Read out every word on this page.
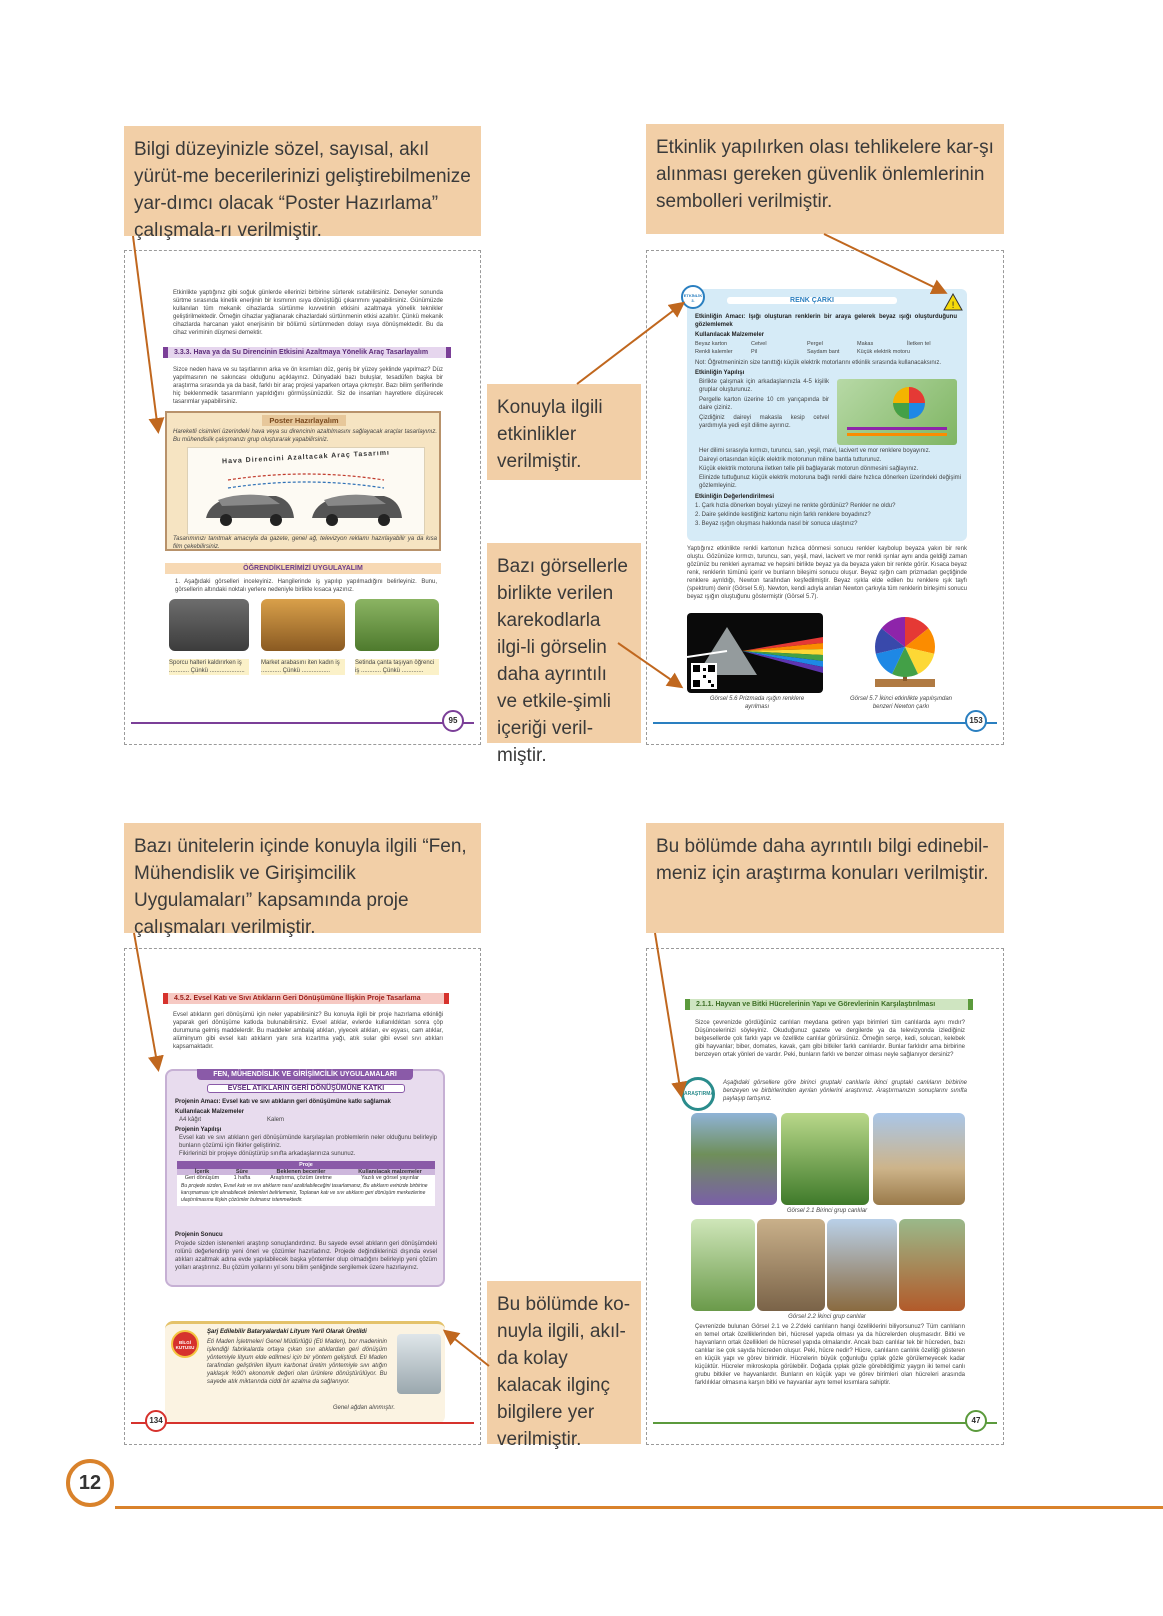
Bilgi düzeyinizle sözel, sayısal, akıl yürüt-me becerilerinizi geliştirebilmenize yar-dımcı olacak “Poster Hazırlama” çalışmala-rı verilmiştir.
Etkinlik yapılırken olası tehlikelere kar-şı alınması gereken güvenlik önlemlerinin sembolleri verilmiştir.
Konuyla ilgili etkinlikler verilmiştir.
Bazı görsellerle birlikte verilen karekodlarla ilgi-li görselin daha ayrıntılı ve etkile-şimli içeriği veril-miştir.
Bazı ünitelerin içinde konuyla ilgili “Fen, Mühendislik ve Girişimcilik Uygulamaları” kapsamında proje çalışmaları verilmiştir.
Bu bölümde daha ayrıntılı bilgi edinebil-meniz için araştırma konuları verilmiştir.
Bu bölümde ko-nuyla ilgili, akıl-da kolay kalacak ilginç bilgilere yer verilmiştir.
Etkinlikte yaptığınız gibi soğuk günlerde ellerinizi birbirine sürterek ısıtabilirsiniz. Deneyler sonunda sürtme sırasında kinetik enerjinin bir kısmının ısıya dönüştüğü çıkarımını yapabilirsiniz. Günümüzde kullanılan tüm mekanik cihazlarda sürtünme kuvvetinin etkisini azaltmaya yönelik teknikler geliştirilmektedir. Örneğin cihazlar yağlanarak cihazlardaki sürtünmenin etkisi azaltılır. Çünkü mekanik cihazlarda harcanan yakıt enerjisinin bir bölümü sürtünmeden dolayı ısıya dönüşmektedir. Bu da cihaz veriminin düşmesi demektir.
3.3.3. Hava ya da Su Direncinin Etkisini Azaltmaya Yönelik Araç Tasarlayalım
Sizce neden hava ve su taşıtlarının arka ve ön kısımları düz, geniş bir yüzey şeklinde yapılmaz? Düz yapılmasının ne sakıncası olduğunu açıklayınız. Dünyadaki bazı buluşlar, tesadüfen başka bir araştırma sırasında ya da basit, farklı bir araç projesi yaparken ortaya çıkmıştır. Bazı bilim şeriflerinde hiç beklenmedik tasarımların yapıldığını görmüşsünüzdür. Siz de insanları hayretlere düşürecek tasarımlar yapabilirsiniz.
Poster Hazırlayalım
Hareketli cisimleri üzerindeki hava veya su direncinin azaltılmasını sağlayacak araçlar tasarlayınız. Bu mühendislik çalışmanızı grup oluşturarak yapabilirsiniz.
Hava Direncini Azaltacak Araç Tasarımı
Tasarımınızı tanıtmak amacıyla da gazete, genel ağ, televizyon reklamı hazırlayabilir ya da kısa film çekebilirsiniz.
ÖĞRENDİKLERİMİZİ UYGULAYALIM
1. Aşağıdaki görselleri inceleyiniz. Hangilerinde iş yapılıp yapılmadığını belirleyiniz. Bunu, görsellerin altındaki noktalı yerlere nedeniyle birlikte kısaca yazınız.
Sporcu halteri kaldırırken iş ............ Çünkü .....................
Market arabasını iten kadın iş ............ Çünkü .................
Setinda çanta taşıyan öğrenci iş ............ Çünkü .............
95
ETKİNLİK 3.	RENK ÇARKI
!
Etkinliğin Amacı: Işığı oluşturan renklerin bir araya gelerek beyaz ışığı oluşturduğunu gözlemlemek
Kullanılacak Malzemeler
Beyaz karton	Cetvel	Pergel	Makas	İletken tel
Renkli kalemler	Pil	Saydam bant	Küçük elektrik motoru
Not: Öğretmeninizin size tanıttığı küçük elektrik motorlarını etkinlik sırasında kullanacaksınız.
Etkinliğin Yapılışı
Birlikte çalışmak için arkadaşlarınızla 4-5 kişilik gruplar oluşturunuz.
Pergelle karton üzerine 10 cm yarıçapında bir daire çiziniz.
Çizdiğiniz daireyi makasla kesip cetvel yardımıyla yedi eşit dilime ayırınız.
Her dilimi sırasıyla kırmızı, turuncu, sarı, yeşil, mavi, lacivert ve mor renklere boyayınız.
Daireyi ortasından küçük elektrik motorunun miline bantla tutturunuz.
Küçük elektrik motoruna iletken telle pili bağlayarak motorun dönmesini sağlayınız.
Elinizde tuttuğunuz küçük elektrik motoruna bağlı renkli daire hızlıca dönerken üzerindeki değişimi gözlemleyiniz.
Etkinliğin Değerlendirilmesi
1. Çark hızla dönerken boyalı yüzeyi ne renkte gördünüz? Renkler ne oldu?
2. Daire şeklinde kestiğiniz kartonu niçin farklı renklere boyadınız?
3. Beyaz ışığın oluşması hakkında nasıl bir sonuca ulaştınız?
Yaptığınız etkinlikte renkli kartonun hızlıca dönmesi sonucu renkler kaybolup beyaza yakın bir renk oluştu. Gözünüze kırmızı, turuncu, sarı, yeşil, mavi, lacivert ve mor renkli ışınlar aynı anda geldiği zaman gözünüz bu renkleri ayıramaz ve hepsini birlikte beyaz ya da beyaza yakın bir renkte görür. Kısaca beyaz renk, renklerin tümünü içerir ve bunların bileşimi sonucu oluşur. Beyaz ışığın cam prizmadan geçtiğinde renklere ayrıldığı, Newton tarafından keşfedilmiştir. Beyaz ışıkla elde edilen bu renklere ışık tayfı (spektrum) denir (Görsel 5.6). Newton, kendi adıyla anılan Newton çarkıyla tüm renklerin birleşimi sonucu beyaz ışığın oluştuğunu göstermiştir (Görsel 5.7).
Görsel 5.6 Prizmada ışığın renklere ayrılması
Görsel 5.7 İkinci etkinlikte yapılışından benzeri Newton çarkı
153
4.5.2. Evsel Katı ve Sıvı Atıkların Geri Dönüşümüne İlişkin Proje Tasarlama
Evsel atıkların geri dönüşümü için neler yapabilirsiniz? Bu konuyla ilgili bir proje hazırlama etkinliği yaparak geri dönüşüme katkıda bulunabilirsiniz. Evsel atıklar, evlerde kullanıldıktan sonra çöp durumuna gelmiş maddelerdir. Bu maddeler ambalaj atıkları, yiyecek atıkları, ev eşyası, cam atıklar, alüminyum gibi evsel katı atıkların yanı sıra kızartma yağı, atık sular gibi evsel sıvı atıkları kapsamaktadır.
FEN, MÜHENDİSLİK VE GİRİŞİMCİLİK UYGULAMALARI
EVSEL ATIKLARIN GERİ DÖNÜŞÜMÜNE KATKI
Projenin Amacı: Evsel katı ve sıvı atıkların geri dönüşümüne katkı sağlamak
Kullanılacak Malzemeler
A4 kâğıt	Kalem
Projenin Yapılışı
Evsel katı ve sıvı atıkların geri dönüşümünde karşılaşılan problemlerin neler olduğunu belirleyip bunların çözümü için fikirler geliştiriniz.
Fikirlerinizi bir projeye dönüştürüp sınıfta arkadaşlarınıza sununuz.
Proje
İçerik	Süre	Beklenen beceriler	Kullanılacak malzemeler
Geri dönüşüm	1 hafta	Araştırma, çözüm üretme	Yazılı ve görsel yayınlar
Bu projede sizden, Evsel katı ve sıvı atıkların nasıl azaltılabileceğini tasarlamanız, Bu atıkların evinizde birbirine karışmaması için alınabilecek önlemleri belirlemeniz, Toplanan katı ve sıvı atıkların geri dönüşüm merkezlerine ulaştırılmasına ilişkin çözümler bulmanız istenmektedir.
Projenin Sonucu
Projede sizden istenenleri araştırıp sonuçlandırdınız. Bu sayede evsel atıkların geri dönüşümdeki rolünü değerlendirip yeni öneri ve çözümler hazırladınız. Projede değindiklerinizi dışında evsel atıkları azaltmak adına evde yapılabilecek başka yöntemler olup olmadığını belirleyip yeni çözüm yolları araştırınız. Bu çözüm yollarını yıl sonu bilim şenliğinde sergilemek üzere hazırlayınız.
BİLGİ KUTUSU
Şarj Edilebilir Bataryalardaki Lityum Yerli Olarak Üretildi
Eti Maden İşletmeleri Genel Müdürlüğü (Eti Maden), bor madeninin işlendiği fabrikalarda ortaya çıkan sıvı atıklardan geri dönüşüm yöntemiyle lityum elde edilmesi için bir yöntem geliştirdi. Eti Maden tarafından geliştirilen lityum karbonat üretim yöntemiyle sıvı atığın yaklaşık %90'ı ekonomik değeri olan ürünlere dönüştürülüyor. Bu sayede atık miktarında ciddi bir azalma da sağlanıyor.
Genel ağdan alınmıştır.
134
2.1.1. Hayvan ve Bitki Hücrelerinin Yapı ve Görevlerinin Karşılaştırılması
Sizce çevrenizde gördüğünüz canlıları meydana getiren yapı birimleri tüm canlılarda aynı mıdır? Düşüncelerinizi söyleyiniz. Okuduğunuz gazete ve dergilerde ya da televizyonda izlediğiniz belgesellerde çok farklı yapı ve özellikte canlılar görürsünüz. Örneğin serçe, kedi, solucan, kelebek gibi hayvanlar; biber, domates, kavak, çam gibi bitkiler farklı canlılardır. Bunlar farklıdır ama birbirine benzeyen ortak yönleri de vardır. Peki, bunların farklı ve benzer olması neyle sağlanıyor dersiniz?
ARAŞTIRMA
Aşağıdaki görsellere göre birinci gruptaki canlılarla ikinci gruptaki canlıların birbirine benzeyen ve birbirlerinden ayrılan yönlerini araştırınız. Araştırmanızın sonuçlarını sınıfta paylaşıp tartışınız.
Görsel 2.1 Birinci grup canlılar
Görsel 2.2 İkinci grup canlılar
Çevrenizde bulunan Görsel 2.1 ve 2.2'deki canlıların hangi özelliklerini biliyorsunuz? Tüm canlıların en temel ortak özelliklerinden biri, hücresel yapıda olması ya da hücrelerden oluşmasıdır. Bitki ve hayvanların ortak özellikleri de hücresel yapıda olmalarıdır. Ancak bazı canlılar tek bir hücreden, bazı canlılar ise çok sayıda hücreden oluşur. Peki, hücre nedir? Hücre, canlıların canlılık özelliği gösteren en küçük yapı ve görev birimidir. Hücrelerin büyük çoğunluğu çıplak gözle görülemeyecek kadar küçüktür. Hücreler mikroskopla görülebilir. Doğada çıplak gözle görebildiğimiz yaygın iki temel canlı grubu bitkiler ve hayvanlardır. Bunların en küçük yapı ve görev birimleri olan hücreleri arasında farklılıklar olmasına karşın bitki ve hayvanlar aynı temel kısımlara sahiptir.
47
12
